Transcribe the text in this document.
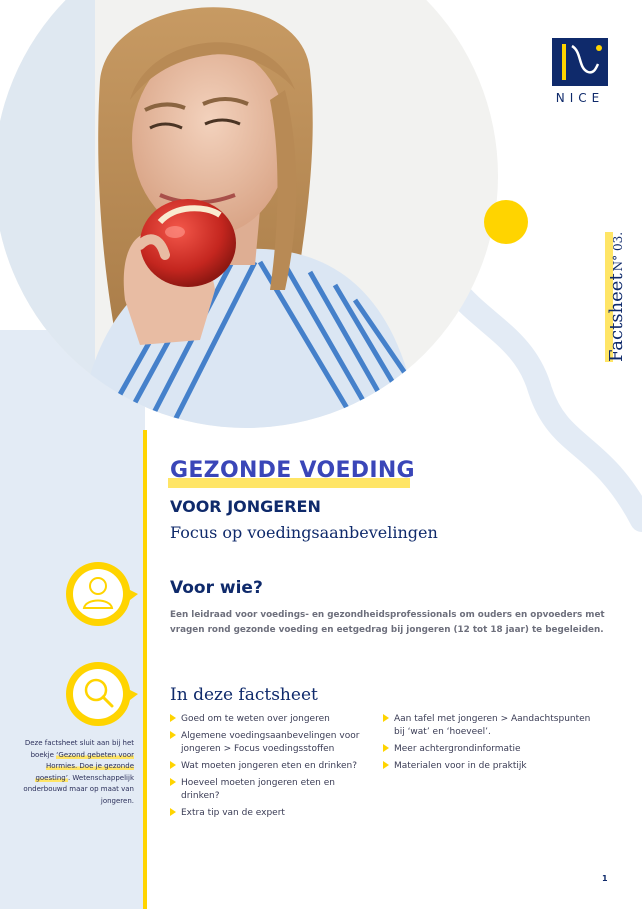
NICE
FactsheetN° 03.
GEZONDE VOEDING
VOOR JONGEREN
Focus op voedingsaanbevelingen
Voor wie?
Een leidraad voor voedings- en gezondheidsprofessionals om ouders en opvoeders met vragen rond gezonde voeding en eetgedrag bij jongeren (12 tot 18 jaar) te begeleiden.
In deze factsheet
Goed om te weten over jongeren
Algemene voedingsaanbevelingen voor jongeren > Focus voedingsstoffen
Wat moeten jongeren eten en drinken?
Hoeveel moeten jongeren eten en drinken?
Extra tip van de expert
Aan tafel met jongeren > Aandachtspunten bij ‘wat’ en ‘hoeveel’.
Meer achtergrondinformatie
Materialen voor in de praktijk
Deze factsheet sluit aan bij het boekje ‘Gezond gebeten voor Hormies. Doe je gezonde goesting’. Wetenschappelijk onderbouwd maar op maat van jongeren.
1
